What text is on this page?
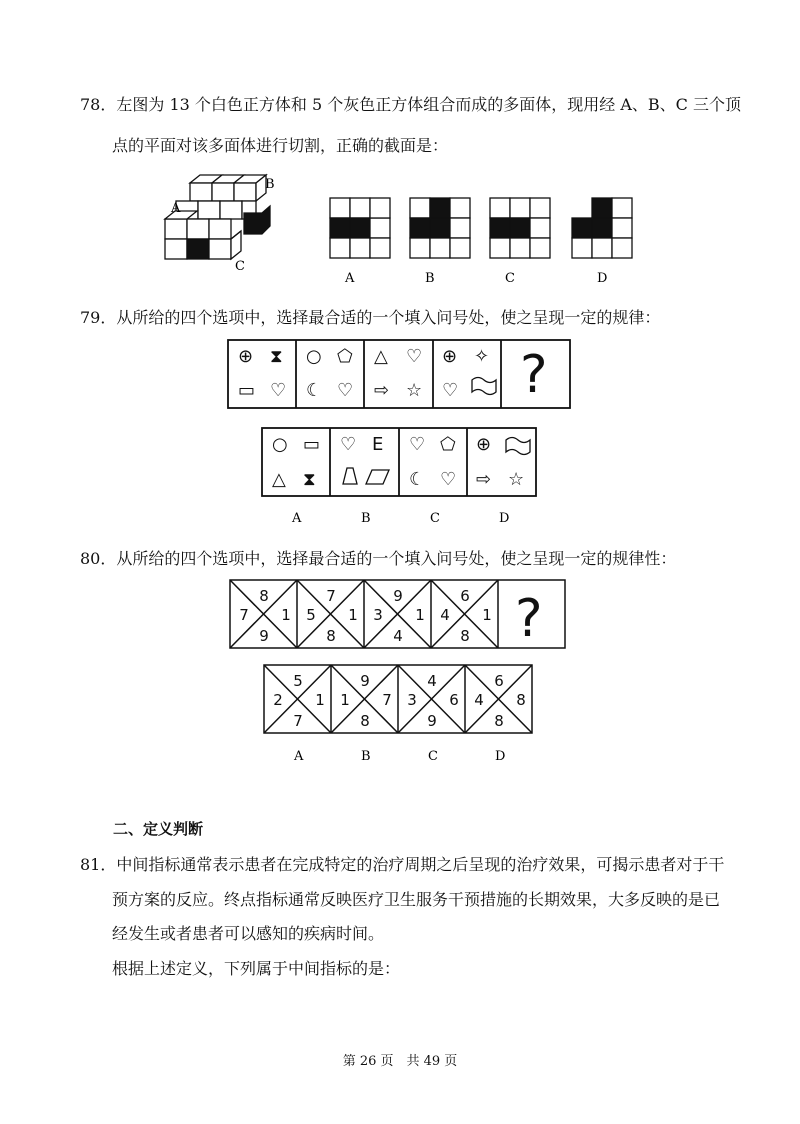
78．左图为 13 个白色正方体和 5 个灰色正方体组合而成的多面体，现用经 A、B、C 三个顶
点的平面对该多面体进行切割，正确的截面是：
A
B
C
A	B	C	D
⊕ ⧗
▭ ♡
○ ⬠
☾ ♡
△ ♡
⇨ ☆
⊕ ✧
♡ ?
○ ▭
△ ⧗
♡ E ♡ ⬠
☾ ♡
⊕
⇨ ☆
A	B	C	D
8
7 1
9
7
5 1
8
9
3 1
4
6
4 1
8 ?
5
2 1
7
9
1 7
8
4
3 6
9
6
4 8
8
A	B	C	D
79．从所给的四个选项中，选择最合适的一个填入问号处，使之呈现一定的规律：
80．从所给的四个选项中，选择最合适的一个填入问号处，使之呈现一定的规律性：
二、定义判断
81．中间指标通常表示患者在完成特定的治疗周期之后呈现的治疗效果，可揭示患者对于干
预方案的反应。终点指标通常反映医疗卫生服务干预措施的长期效果，大多反映的是已
经发生或者患者可以感知的疾病时间。
根据上述定义，下列属于中间指标的是：
第 26 页　共 49 页
